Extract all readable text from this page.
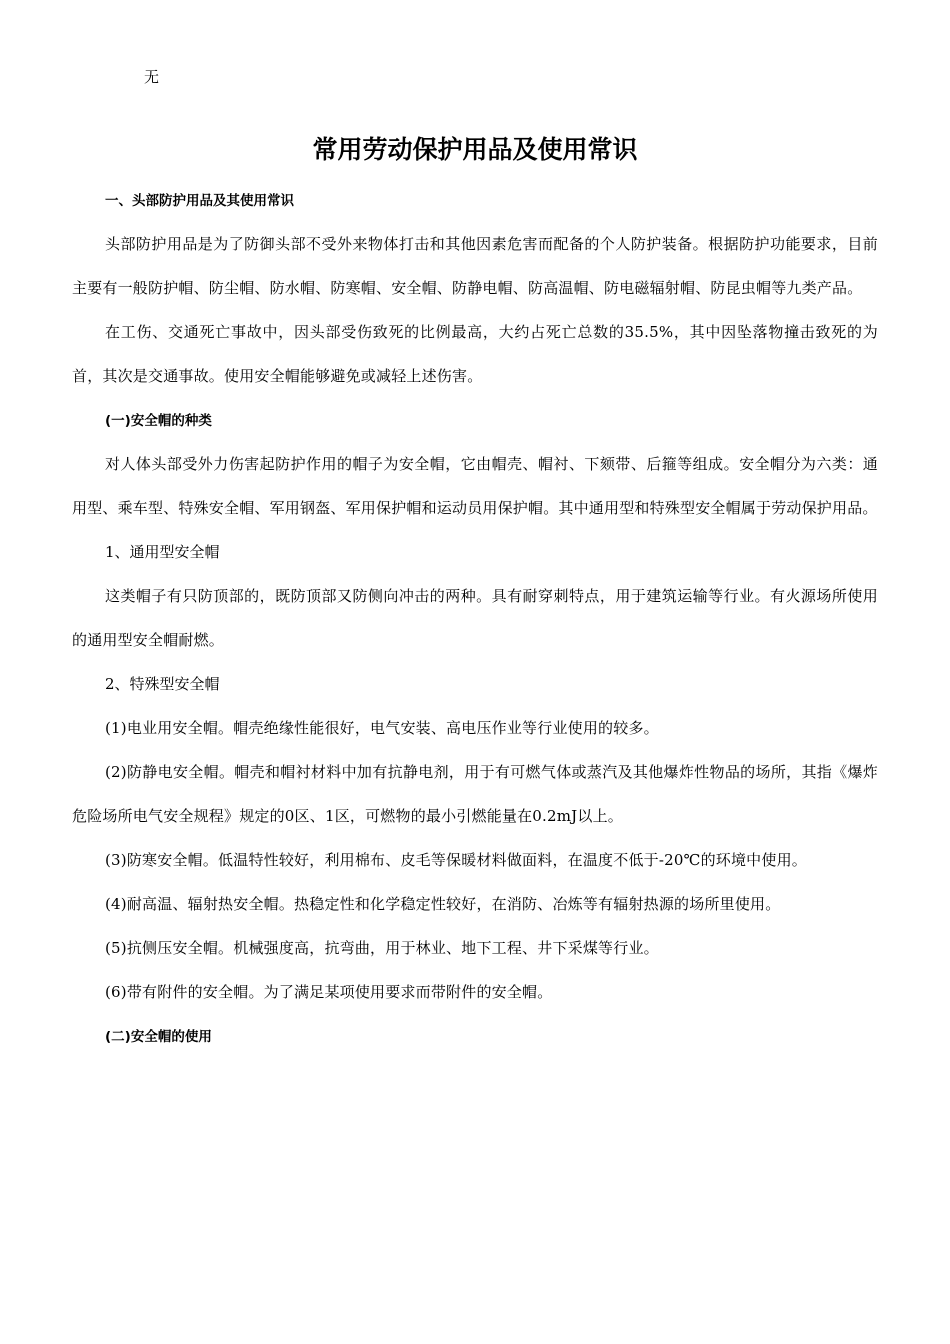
无
常用劳动保护用品及使用常识
一、头部防护用品及其使用常识

头部防护用品是为了防御头部不受外来物体打击和其他因素危害而配备的个人防护装备。根据防护功能要求，目前主要有一般防护帽、防尘帽、防水帽、防寒帽、安全帽、防静电帽、防高温帽、防电磁辐射帽、防昆虫帽等九类产品。

在工伤、交通死亡事故中，因头部受伤致死的比例最高，大约占死亡总数的35.5%，其中因坠落物撞击致死的为首，其次是交通事故。使用安全帽能够避免或减轻上述伤害。

(一)安全帽的种类

对人体头部受外力伤害起防护作用的帽子为安全帽，它由帽壳、帽衬、下颏带、后箍等组成。安全帽分为六类：通用型、乘车型、特殊安全帽、军用钢盔、军用保护帽和运动员用保护帽。其中通用型和特殊型安全帽属于劳动保护用品。

1、通用型安全帽

这类帽子有只防顶部的，既防顶部又防侧向冲击的两种。具有耐穿刺特点，用于建筑运输等行业。有火源场所使用的通用型安全帽耐燃。

2、特殊型安全帽

(1)电业用安全帽。帽壳绝缘性能很好，电气安装、高电压作业等行业使用的较多。

(2)防静电安全帽。帽壳和帽衬材料中加有抗静电剂，用于有可燃气体或蒸汽及其他爆炸性物品的场所，其指《爆炸危险场所电气安全规程》规定的0区、1区，可燃物的最小引燃能量在0.2mJ以上。

(3)防寒安全帽。低温特性较好，利用棉布、皮毛等保暖材料做面料，在温度不低于-20℃的环境中使用。

(4)耐高温、辐射热安全帽。热稳定性和化学稳定性较好，在消防、冶炼等有辐射热源的场所里使用。

(5)抗侧压安全帽。机械强度高，抗弯曲，用于林业、地下工程、井下采煤等行业。

(6)带有附件的安全帽。为了满足某项使用要求而带附件的安全帽。

(二)安全帽的使用
